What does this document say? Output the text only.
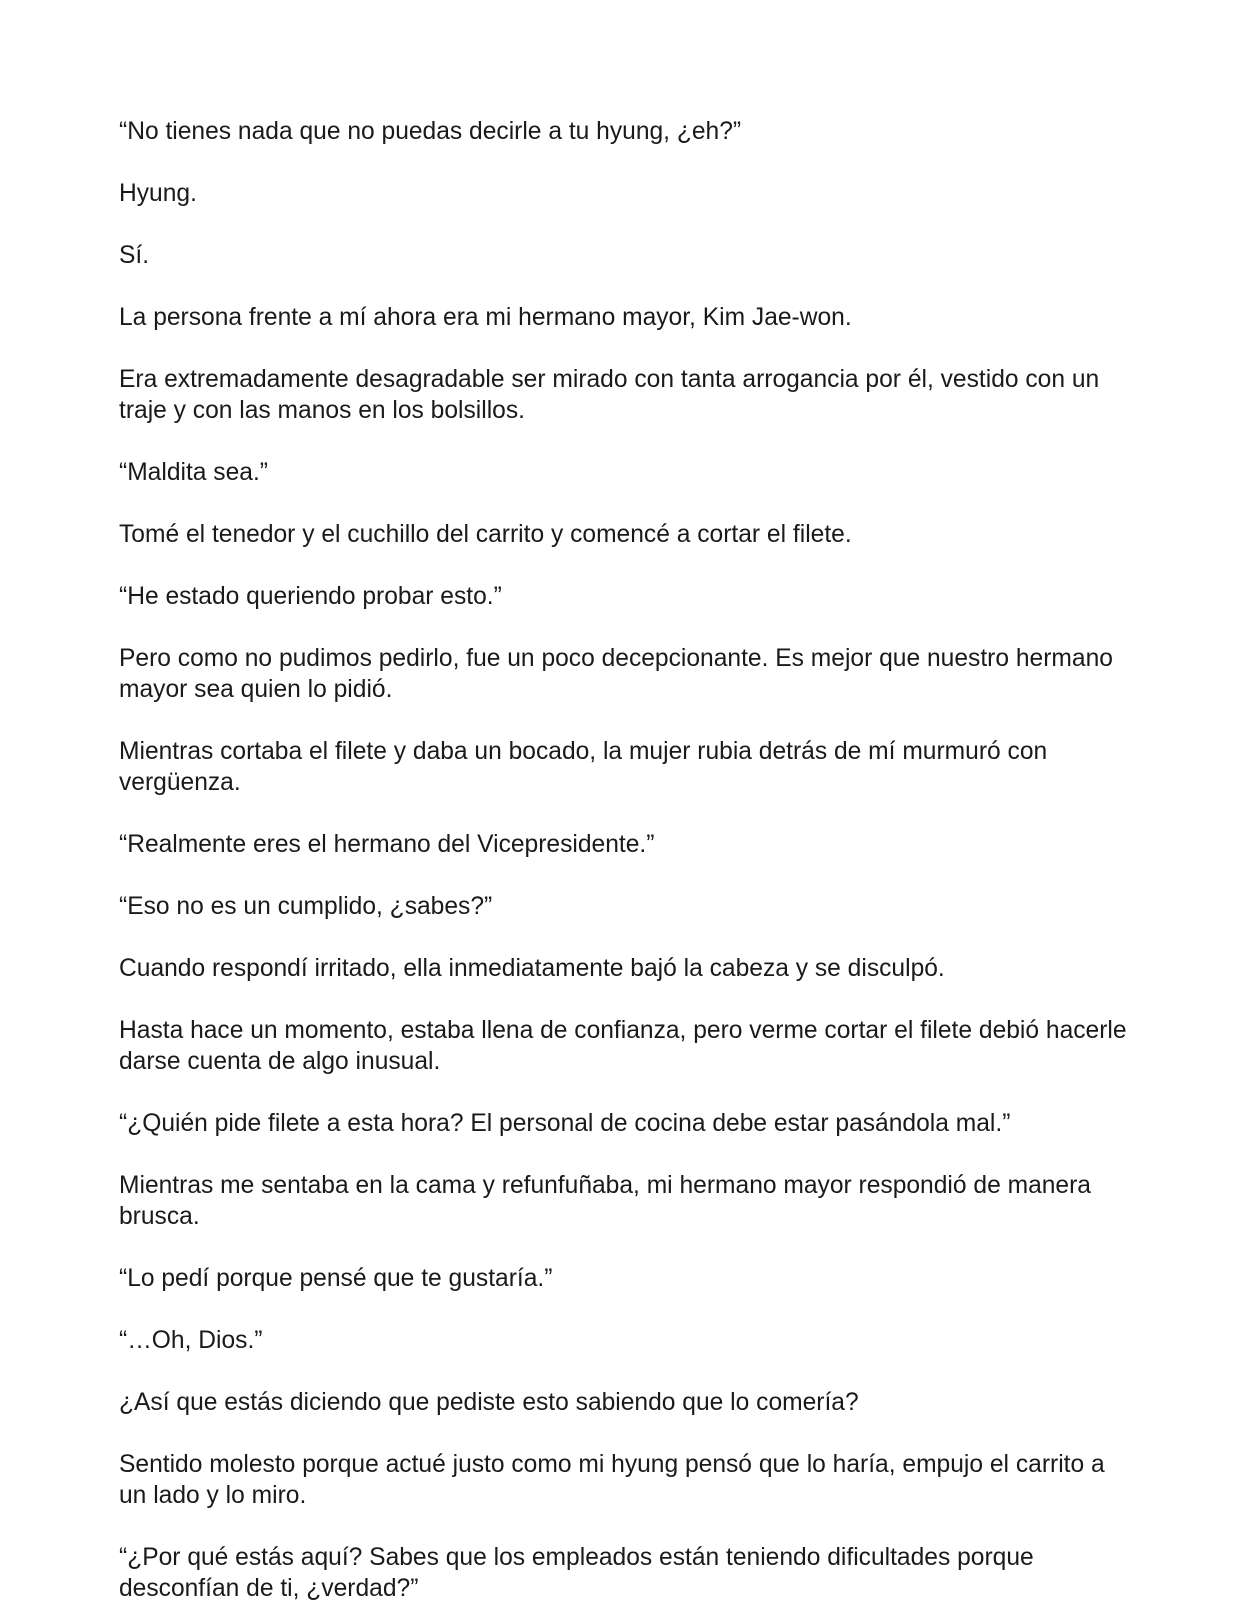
“No tienes nada que no puedas decirle a tu hyung, ¿eh?”

Hyung.

Sí.

La persona frente a mí ahora era mi hermano mayor, Kim Jae-won.

Era extremadamente desagradable ser mirado con tanta arrogancia por él, vestido con un traje y con las manos en los bolsillos.

“Maldita sea.”

Tomé el tenedor y el cuchillo del carrito y comencé a cortar el filete.

“He estado queriendo probar esto.”

Pero como no pudimos pedirlo, fue un poco decepcionante. Es mejor que nuestro hermano mayor sea quien lo pidió.

Mientras cortaba el filete y daba un bocado, la mujer rubia detrás de mí murmuró con vergüenza.

“Realmente eres el hermano del Vicepresidente.”

“Eso no es un cumplido, ¿sabes?”

Cuando respondí irritado, ella inmediatamente bajó la cabeza y se disculpó.

Hasta hace un momento, estaba llena de confianza, pero verme cortar el filete debió hacerle darse cuenta de algo inusual.

“¿Quién pide filete a esta hora? El personal de cocina debe estar pasándola mal.”

Mientras me sentaba en la cama y refunfuñaba, mi hermano mayor respondió de manera brusca.

“Lo pedí porque pensé que te gustaría.”

“…Oh, Dios.”

¿Así que estás diciendo que pediste esto sabiendo que lo comería?

Sentido molesto porque actué justo como mi hyung pensó que lo haría, empujo el carrito a un lado y lo miro.

“¿Por qué estás aquí? Sabes que los empleados están teniendo dificultades porque desconfían de ti, ¿verdad?”
